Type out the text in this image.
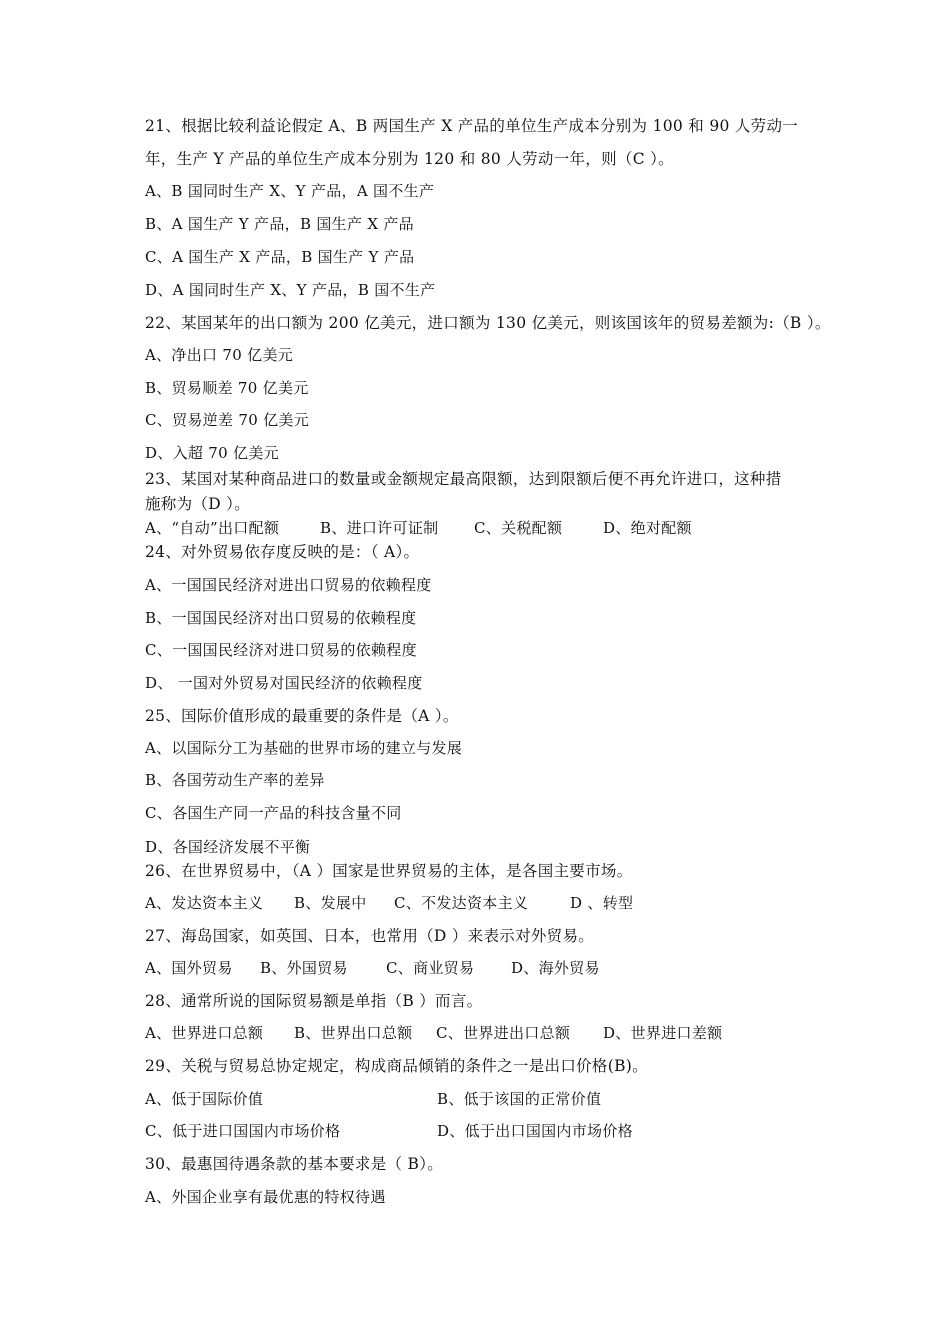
21、根据比较利益论假定 A、B 两国生产 X 产品的单位生产成本分别为 100 和 90 人劳动一
年，生产 Y 产品的单位生产成本分别为 120 和 80 人劳动一年，则（C ）。
A、B 国同时生产 X、Y 产品，A 国不生产
B、A 国生产 Y 产品，B 国生产 X 产品
C、A 国生产 X 产品，B 国生产 Y 产品
D、A 国同时生产 X、Y 产品，B 国不生产
22、某国某年的出口额为 200 亿美元，进口额为 130 亿美元，则该国该年的贸易差额为:（B ）。
A、净出口 70 亿美元
B、贸易顺差 70 亿美元
C、贸易逆差 70 亿美元
D、入超 70 亿美元
23、某国对某种商品进口的数量或金额规定最高限额，达到限额后便不再允许进口，这种措
施称为（D ）。
A、“自动”出口配额	B、进口许可证制 C、关税配额	D、绝对配额
24、对外贸易依存度反映的是：（ A）。
A、一国国民经济对进出口贸易的依赖程度
B、一国国民经济对出口贸易的依赖程度
C、一国国民经济对进口贸易的依赖程度
D、 一国对外贸易对国民经济的依赖程度
25、国际价值形成的最重要的条件是（A ）。
A、以国际分工为基础的世界市场的建立与发展
B、各国劳动生产率的差异
C、各国生产同一产品的科技含量不同
D、各国经济发展不平衡
26、在世界贸易中，（A ）国家是世界贸易的主体，是各国主要市场。
A、发达资本主义 B、发展中 C、不发达资本主义	D 、转型
27、海岛国家，如英国、日本，也常用（D ）来表示对外贸易。
A、国外贸易 B、外国贸易	C、商业贸易 D、海外贸易
28、通常所说的国际贸易额是单指（B ）而言。
A、世界进口总额 B、世界出口总额 C、世界进出口总额 D、世界进口差额
29、关税与贸易总协定规定，构成商品倾销的条件之一是出口价格(B)。
A、低于国际价值	B、低于该国的正常价值
C、低于进口国国内市场价格	D、低于出口国国内市场价格
30、最惠国待遇条款的基本要求是（ B）。
A、外国企业享有最优惠的特权待遇
